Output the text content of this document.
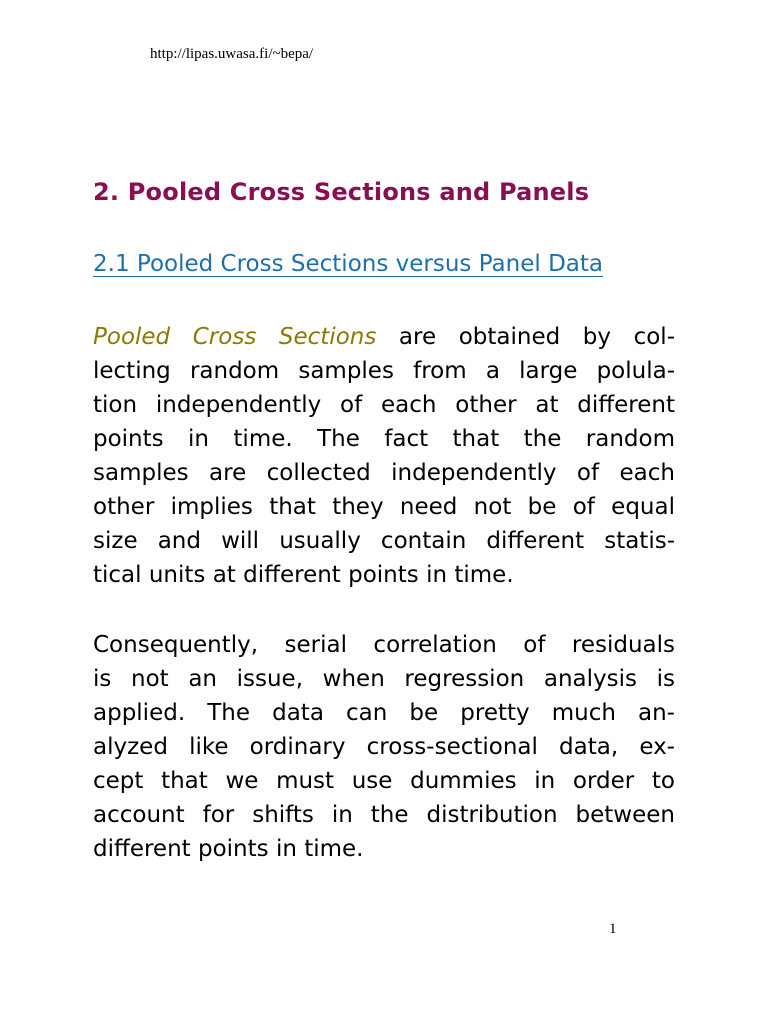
http://lipas.uwasa.fi/~bepa/
2. Pooled Cross Sections and Panels
2.1 Pooled Cross Sections versus Panel Data
Pooled Cross Sections are obtained by col-
lecting random samples from a large polula-
tion independently of each other at different
points in time. The fact that the random
samples are collected independently of each
other implies that they need not be of equal
size and will usually contain different statis-
tical units at different points in time.
Consequently, serial correlation of residuals
is not an issue, when regression analysis is
applied. The data can be pretty much an-
alyzed like ordinary cross-sectional data, ex-
cept that we must use dummies in order to
account for shifts in the distribution between
different points in time.
1
